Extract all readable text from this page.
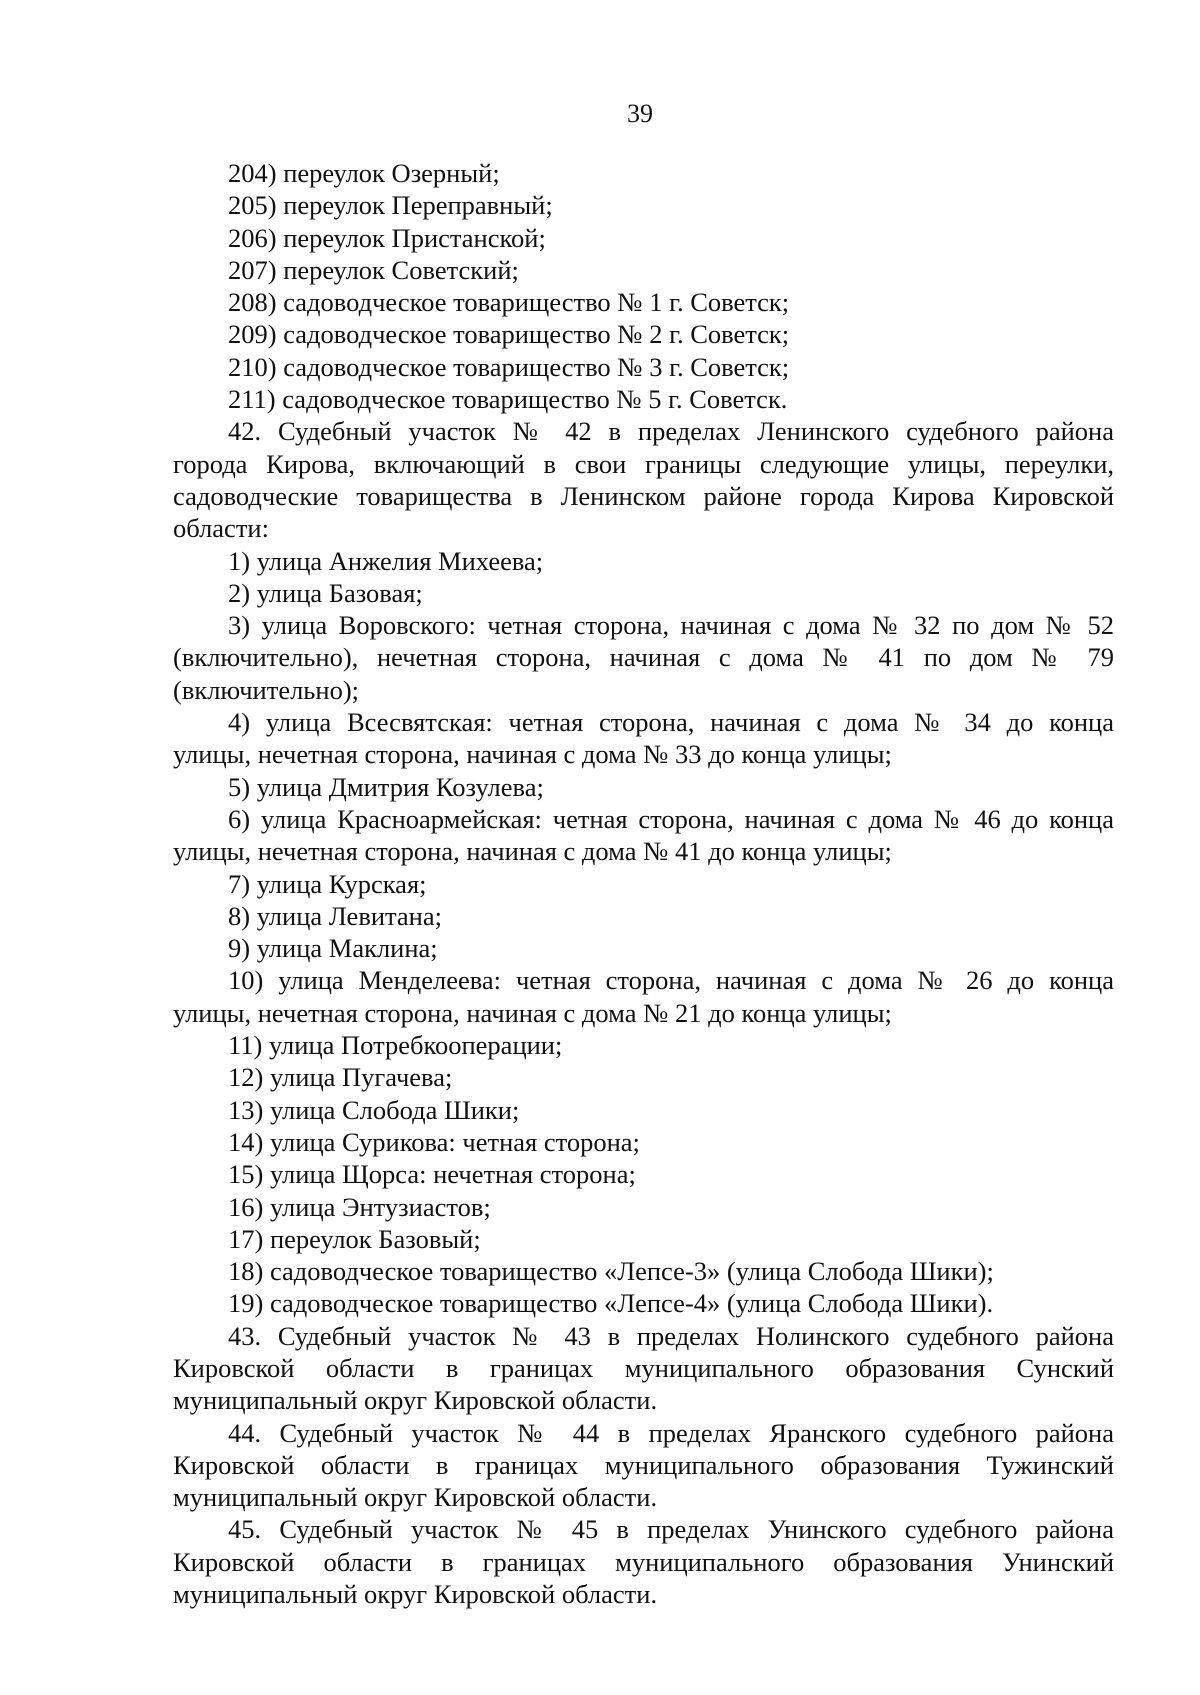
39
204) переулок Озерный;
205) переулок Переправный;
206) переулок Пристанской;
207) переулок Советский;
208) садоводческое товарищество № 1 г. Советск;
209) садоводческое товарищество № 2 г. Советск;
210) садоводческое товарищество № 3 г. Советск;
211) садоводческое товарищество № 5 г. Советск.
42. Судебный участок № 42 в пределах Ленинского судебного района
города Кирова, включающий в свои границы следующие улицы, переулки,
садоводческие товарищества в Ленинском районе города Кирова Кировской
области:
1) улица Анжелия Михеева;
2) улица Базовая;
3) улица Воровского: четная сторона, начиная с дома № 32 по дом № 52
(включительно), нечетная сторона, начиная с дома № 41 по дом № 79
(включительно);
4) улица Всесвятская: четная сторона, начиная с дома № 34 до конца
улицы, нечетная сторона, начиная с дома № 33 до конца улицы;
5) улица Дмитрия Козулева;
6) улица Красноармейская: четная сторона, начиная с дома № 46 до конца
улицы, нечетная сторона, начиная с дома № 41 до конца улицы;
7) улица Курская;
8) улица Левитана;
9) улица Маклина;
10) улица Менделеева: четная сторона, начиная с дома № 26 до конца
улицы, нечетная сторона, начиная с дома № 21 до конца улицы;
11) улица Потребкооперации;
12) улица Пугачева;
13) улица Слобода Шики;
14) улица Сурикова: четная сторона;
15) улица Щорса: нечетная сторона;
16) улица Энтузиастов;
17) переулок Базовый;
18) садоводческое товарищество «Лепсе-3» (улица Слобода Шики);
19) садоводческое товарищество «Лепсе-4» (улица Слобода Шики).
43. Судебный участок № 43 в пределах Нолинского судебного района
Кировской области в границах муниципального образования Сунский
муниципальный округ Кировской области.
44. Судебный участок № 44 в пределах Яранского судебного района
Кировской области в границах муниципального образования Тужинский
муниципальный округ Кировской области.
45. Судебный участок № 45 в пределах Унинского судебного района
Кировской области в границах муниципального образования Унинский
муниципальный округ Кировской области.
